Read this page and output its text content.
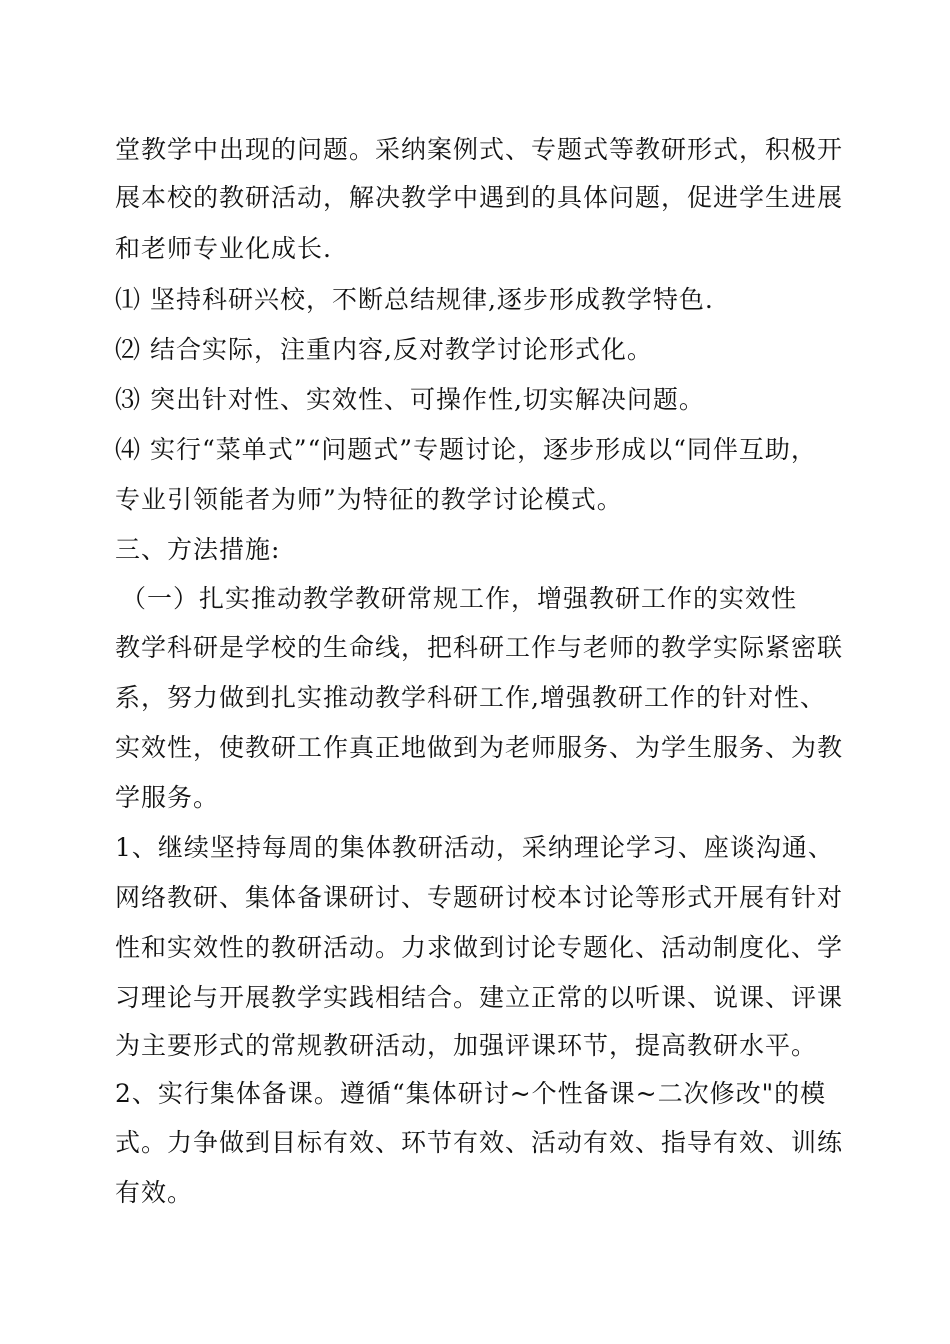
堂教学中出现的问题。采纳案例式、专题式等教研形式，积极开
展本校的教研活动，解决教学中遇到的具体问题，促进学生进展
和老师专业化成长.
⑴ 坚持科研兴校，不断总结规律,逐步形成教学特色.
⑵ 结合实际，注重内容,反对教学讨论形式化。
⑶ 突出针对性、实效性、可操作性,切实解决问题。
⑷ 实行“菜单式”“问题式”专题讨论，逐步形成以“同伴互助，
专业引领能者为师”为特征的教学讨论模式。
三、方法措施:
（一）扎实推动教学教研常规工作，增强教研工作的实效性
教学科研是学校的生命线，把科研工作与老师的教学实际紧密联
系，努力做到扎实推动教学科研工作,增强教研工作的针对性、
实效性，使教研工作真正地做到为老师服务、为学生服务、为教
学服务。
1、继续坚持每周的集体教研活动，采纳理论学习、座谈沟通、
网络教研、集体备课研讨、专题研讨校本讨论等形式开展有针对
性和实效性的教研活动。力求做到讨论专题化、活动制度化、学
习理论与开展教学实践相结合。建立正常的以听课、说课、评课
为主要形式的常规教研活动，加强评课环节，提高教研水平。
2、实行集体备课。遵循“集体研讨~个性备课~二次修改"的模
式。力争做到目标有效、环节有效、活动有效、指导有效、训练
有效。
